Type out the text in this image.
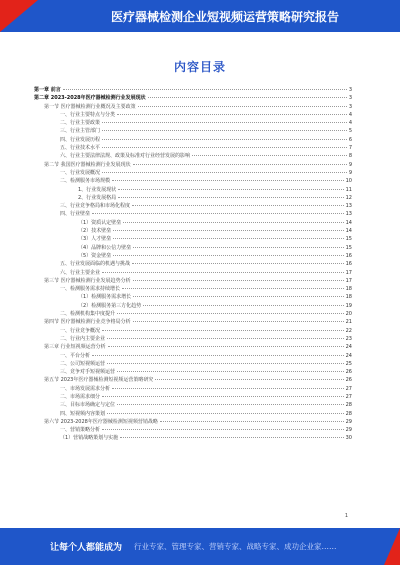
医疗器械检测企业短视频运营策略研究报告
内容目录
第一章 前言	3
第二章 2023-2028年医疗器械检测行业发展现状	3
第一节 医疗器械检测行业概况及主要政策	3
一、行业主要特点与分类	4
二、行业主要政策	4
三、行业主管部门	5
四、行业发展历程	6
五、行业技术水平	7
六、行业主要法律法规、政策及标准对行业经营发展的影响	8
第二节 我国医疗器械检测行业发展现状	9
一、行业发展概况	9
二、检测服务市场规模	10
1、行业发展现状	11
2、行业发展格局	12
三、行业竞争格局和市场化程度	13
四、行业壁垒	13
（1）资质认定壁垒	14
（2）技术壁垒	14
（3）人才壁垒	15
（4）品牌和公信力壁垒	15
（5）资金壁垒	16
五、行业发展面临的机遇与挑战	16
六、行业主要企业	17
第三节 医疗器械检测行业发展趋势分析	17
一、检测服务需求持续增长	18
（1）检测服务需求增长	18
（2）检测服务第三方化趋势	19
二、检测机构集中度提升	20
第四节 医疗器械检测行业竞争格局分析	21
一、行业竞争概况	22
二、行业内主要企业	23
第三章 行业短视频运营分析	24
一、平台分析	24
二、公司短视频运营	25
三、竞争对手短视频运营	26
第五节 2023年医疗器械检测短视频运营策略研究	26
一、市场发展需求分析	27
二、市场需求细分	27
三、目标市场确定与定位	28
四、短视频内容策划	28
第六节 2023-2028年医疗器械检测短视频营销战略	29
一、营销策略分析	29
（1）营销战略策划与实施	30
1
让每个人都能成为 行业专家、管理专家、营销专家、战略专家、成功企业家……
